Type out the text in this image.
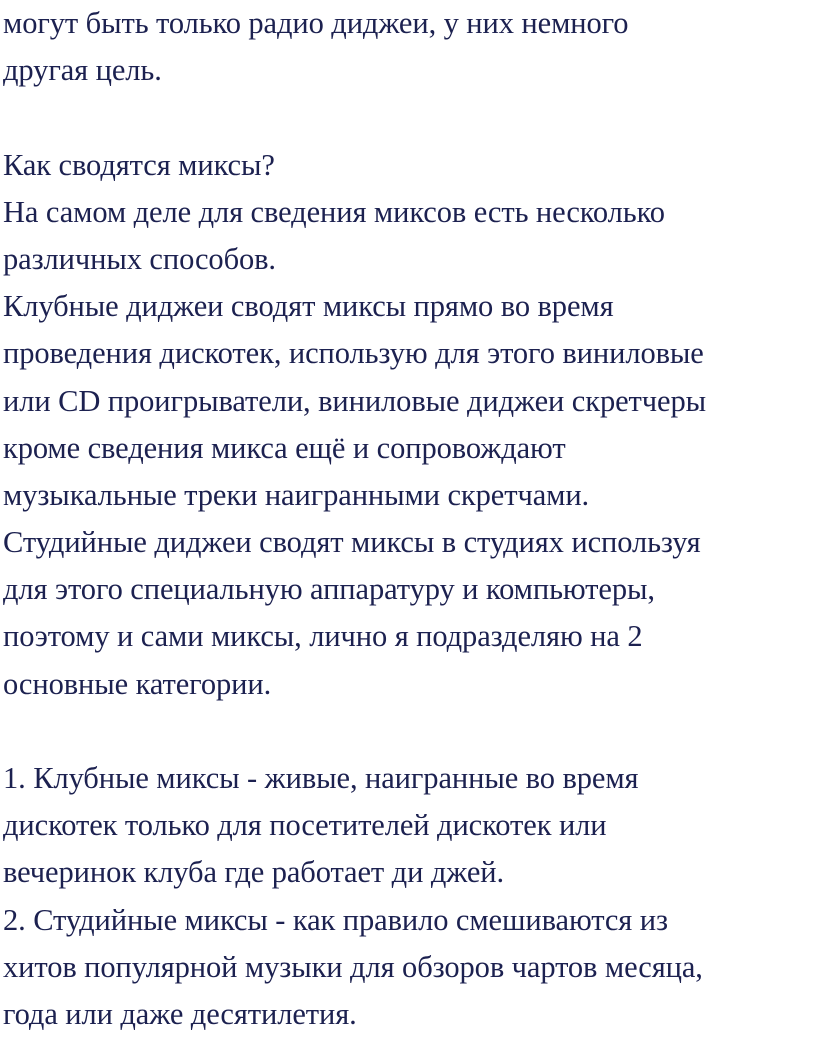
могут быть только радио диджеи, у них немного
другая цель.
Как сводятся миксы?
На самом деле для сведения миксов есть несколько
различных способов.
Клубные диджеи сводят миксы прямо во время
проведения дискотек, использую для этого виниловые
или CD проигрыватели, виниловые диджеи скретчеры
кроме сведения микса ещё и сопровождают
музыкальные треки наигранными скретчами.
Студийные диджеи сводят миксы в студиях используя
для этого специальную аппаратуру и компьютеры,
поэтому и сами миксы, лично я подразделяю на 2
основные категории.
1. Клубные миксы - живые, наигранные во время
дискотек только для посетителей дискотек или
вечеринок клуба где работает ди джей.
2. Студийные миксы - как правило смешиваются из
хитов популярной музыки для обзоров чартов месяца,
года или даже десятилетия.
